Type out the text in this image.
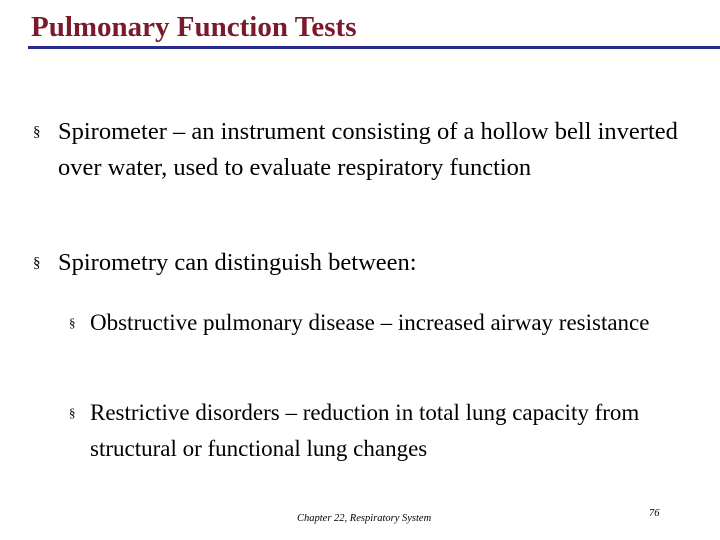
Pulmonary Function Tests
§ Spirometer – an instrument consisting of a hollow bell inverted over water, used to evaluate respiratory function
§ Spirometry can distinguish between:
§ Obstructive pulmonary disease – increased airway resistance
§ Restrictive disorders – reduction in total lung capacity from structural or functional lung changes
Chapter 22, Respiratory System	76
